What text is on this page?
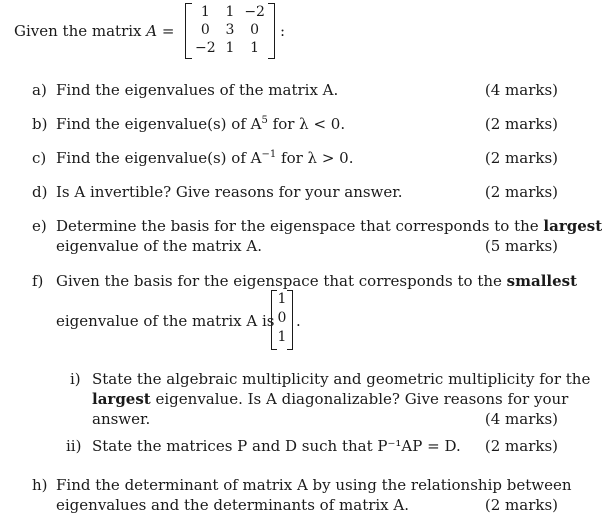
Given the matrix A =
1	1 −2
0	3	0
−2 1	1
:
a) Find the eigenvalues of the matrix A.	(4 marks)
b) Find the eigenvalue(s) of $A^5$ for λ < 0.	(2 marks)
c) Find the eigenvalue(s) of $A^{-1}$ for λ > 0.	(2 marks)
d) Is A invertible? Give reasons for your answer.	(2 marks)
e) Determine the basis for the eigenspace that corresponds to the largest
eigenvalue of the matrix A.	(5 marks)
f) Given the basis for the eigenspace that corresponds to the smallest
eigenvalue of the matrix A is
1
0
1
.
i) State the algebraic multiplicity and geometric multiplicity for the
largest eigenvalue. Is A diagonalizable? Give reasons for your
answer.	(4 marks)
ii) State the matrices P and D such that P⁻¹AP = D. (2 marks)
h) Find the determinant of matrix A by using the relationship between
eigenvalues and the determinants of matrix A.	(2 marks)
